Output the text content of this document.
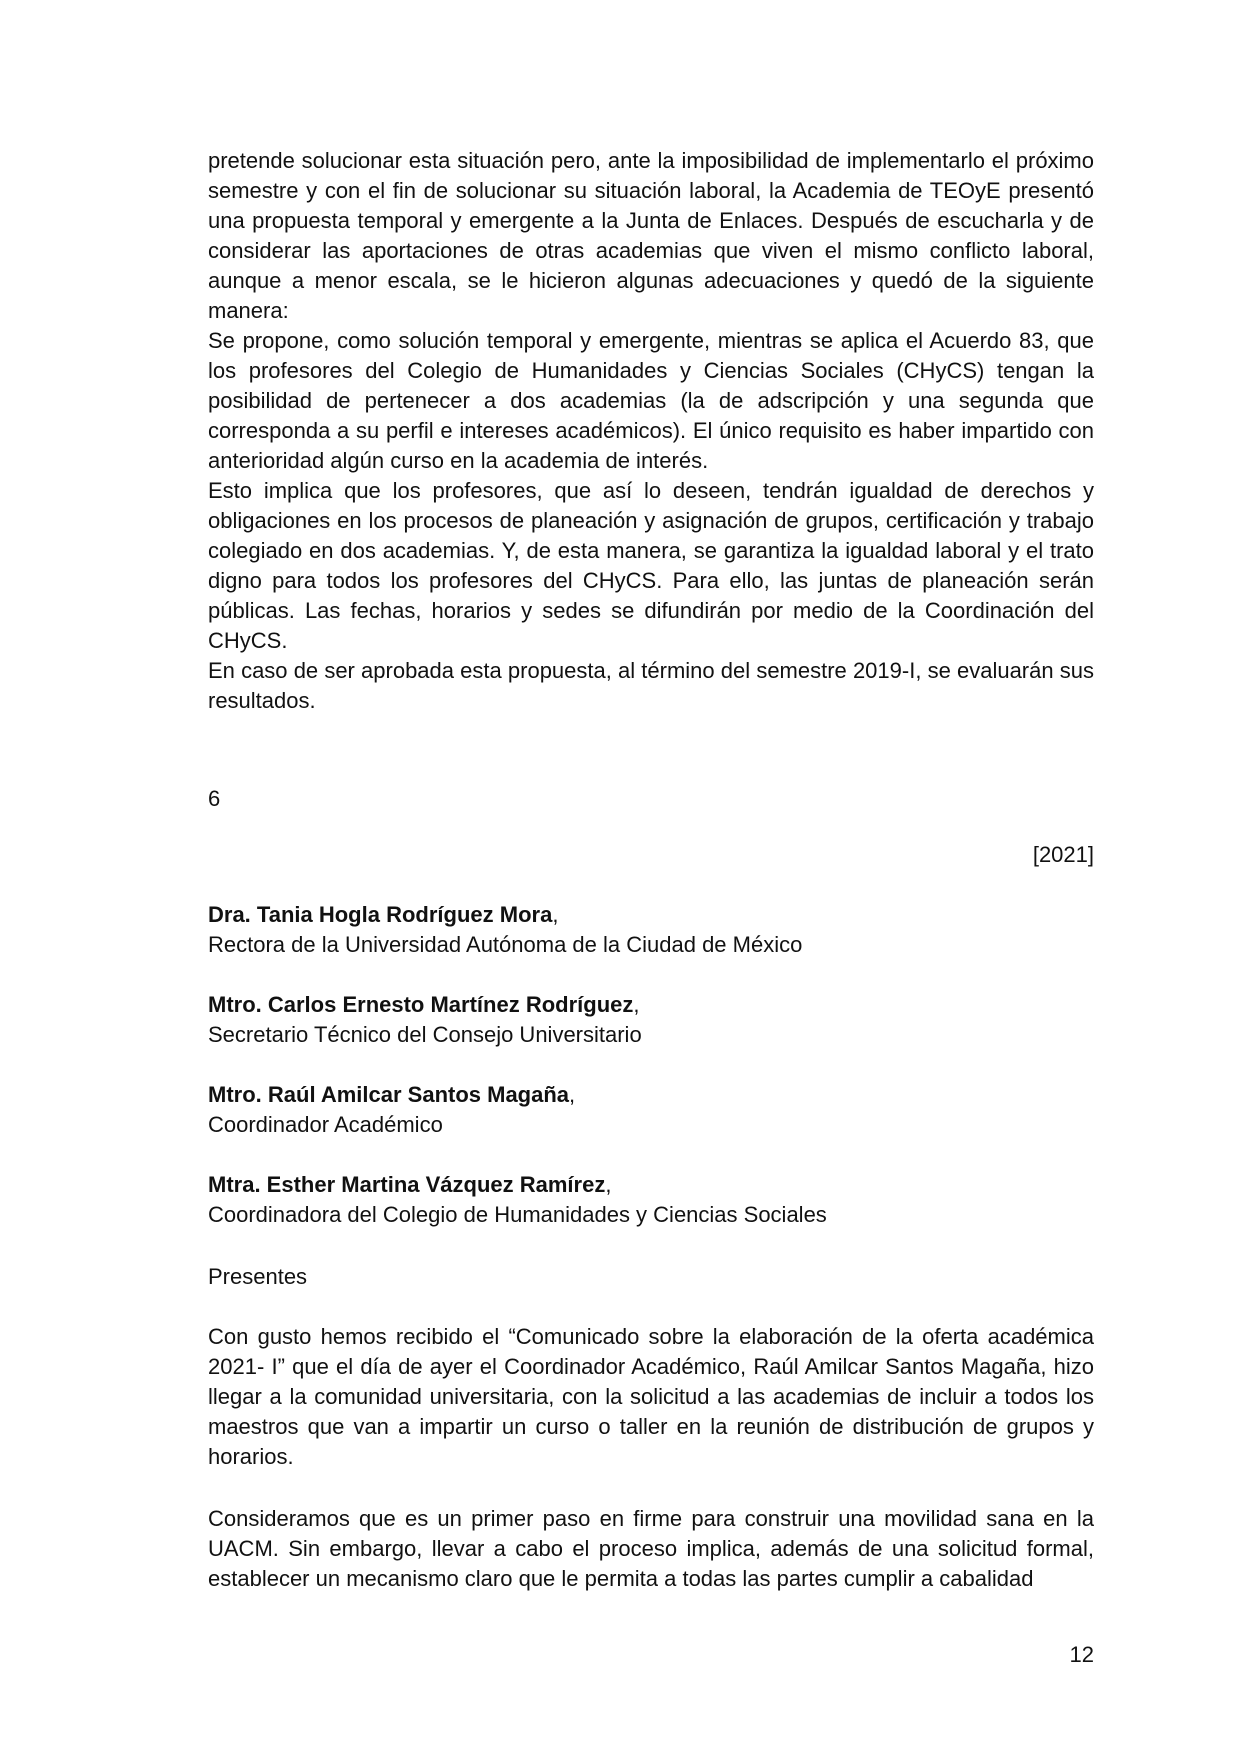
pretende solucionar esta situación pero, ante la imposibilidad de implementarlo el próximo semestre y con el fin de solucionar su situación laboral, la Academia de TEOyE presentó una propuesta temporal y emergente a la Junta de Enlaces. Después de escucharla y de considerar las aportaciones de otras academias que viven el mismo conflicto laboral, aunque a menor escala, se le hicieron algunas adecuaciones y quedó de la siguiente manera:

Se propone, como solución temporal y emergente, mientras se aplica el Acuerdo 83, que los profesores del Colegio de Humanidades y Ciencias Sociales (CHyCS) tengan la posibilidad de pertenecer a dos academias (la de adscripción y una segunda que corresponda a su perfil e intereses académicos). El único requisito es haber impartido con anterioridad algún curso en la academia de interés.

Esto implica que los profesores, que así lo deseen, tendrán igualdad de derechos y obligaciones en los procesos de planeación y asignación de grupos, certificación y trabajo colegiado en dos academias. Y, de esta manera, se garantiza la igualdad laboral y el trato digno para todos los profesores del CHyCS. Para ello, las juntas de planeación serán públicas. Las fechas, horarios y sedes se difundirán por medio de la Coordinación del CHyCS.

En caso de ser aprobada esta propuesta, al término del semestre 2019-I, se evaluarán sus resultados.

6
[2021]
Dra. Tania Hogla Rodríguez Mora,
Rectora de la Universidad Autónoma de la Ciudad de México
Mtro. Carlos Ernesto Martínez Rodríguez,
Secretario Técnico del Consejo Universitario
Mtro. Raúl Amilcar Santos Magaña,
Coordinador Académico
Mtra. Esther Martina Vázquez Ramírez,
Coordinadora del Colegio de Humanidades y Ciencias Sociales
Presentes

Con gusto hemos recibido el “Comunicado sobre la elaboración de la oferta académica 2021- I” que el día de ayer el Coordinador Académico, Raúl Amilcar Santos Magaña, hizo llegar a la comunidad universitaria, con la solicitud a las academias de incluir a todos los maestros que van a impartir un curso o taller en la reunión de distribución de grupos y horarios.

Consideramos que es un primer paso en firme para construir una movilidad sana en la UACM. Sin embargo, llevar a cabo el proceso implica, además de una solicitud formal, establecer un mecanismo claro que le permita a todas las partes cumplir a cabalidad

12
